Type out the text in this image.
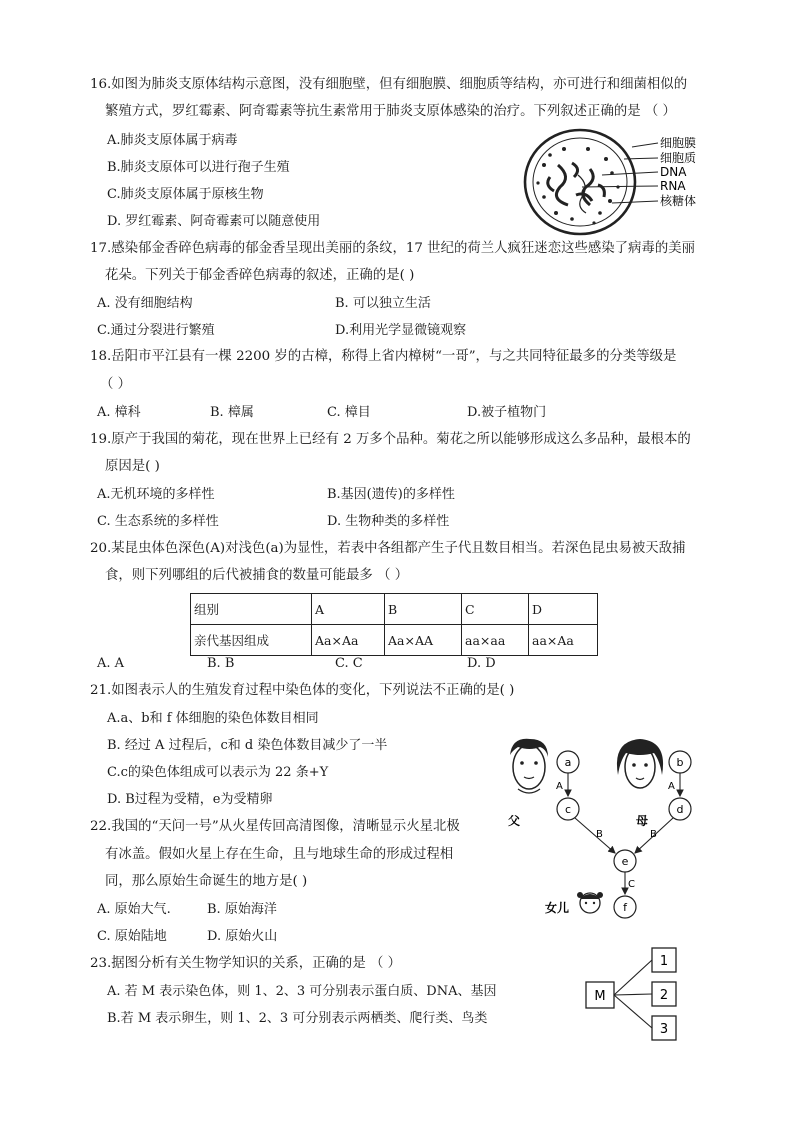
16.如图为肺炎支原体结构示意图，没有细胞壁，但有细胞膜、细胞质等结构，亦可进行和细菌相似的
繁殖方式，罗红霉素、阿奇霉素等抗生素常用于肺炎支原体感染的治疗。下列叙述正确的是 （ ）
A.肺炎支原体属于病毒
B.肺炎支原体可以进行孢子生殖
C.肺炎支原体属于原核生物
D. 罗红霉素、阿奇霉素可以随意使用
细胞膜
细胞质
DNA
RNA
核糖体
17.感染郁金香碎色病毒的郁金香呈现出美丽的条纹，17 世纪的荷兰人疯狂迷恋这些感染了病毒的美丽
花朵。下列关于郁金香碎色病毒的叙述，正确的是( )
A. 没有细胞结构	B. 可以独立生活
C.通过分裂进行繁殖	D.利用光学显微镜观察
18.岳阳市平江县有一棵 2200 岁的古樟，称得上省内樟树“一哥”，与之共同特征最多的分类等级是
（ ）
A. 樟科	B. 樟属	C. 樟目	D.被子植物门
19.原产于我国的菊花，现在世界上已经有 2 万多个品种。菊花之所以能够形成这么多品种，最根本的
原因是( )
A.无机环境的多样性	B.基因(遗传)的多样性
C. 生态系统的多样性	D. 生物种类的多样性
20.某昆虫体色深色(A)对浅色(a)为显性，若表中各组都产生子代且数目相当。若深色昆虫易被天敌捕
食，则下列哪组的后代被捕食的数量可能最多 （ ）
组别	A	B	C	D
亲代基因组成	Aa×Aa	Aa×AA	aa×aa	aa×Aa
A. A	B. B	C. C	D. D
21.如图表示人的生殖发育过程中染色体的变化，下列说法不正确的是( )
A.a、b和 f 体细胞的染色体数目相同
B. 经过 A 过程后，c和 d 染色体数目减少了一半
C.c的染色体组成可以表示为 22 条+Y
D. B过程为受精，e为受精卵
父	母
a	b
c	d
e
f
A	A
B	B
C
女儿
22.我国的“天问一号”从火星传回高清图像，清晰显示火星北极
有冰盖。假如火星上存在生命，且与地球生命的形成过程相
同，那么原始生命诞生的地方是( )
A. 原始大气.	B. 原始海洋
C. 原始陆地	D. 原始火山
23.据图分析有关生物学知识的关系，正确的是 （ ）
A. 若 M 表示染色体，则 1、2、3 可分别表示蛋白质、DNA、基因
B.若 M 表示卵生，则 1、2、3 可分别表示两栖类、爬行类、鸟类
M
1
2
3
